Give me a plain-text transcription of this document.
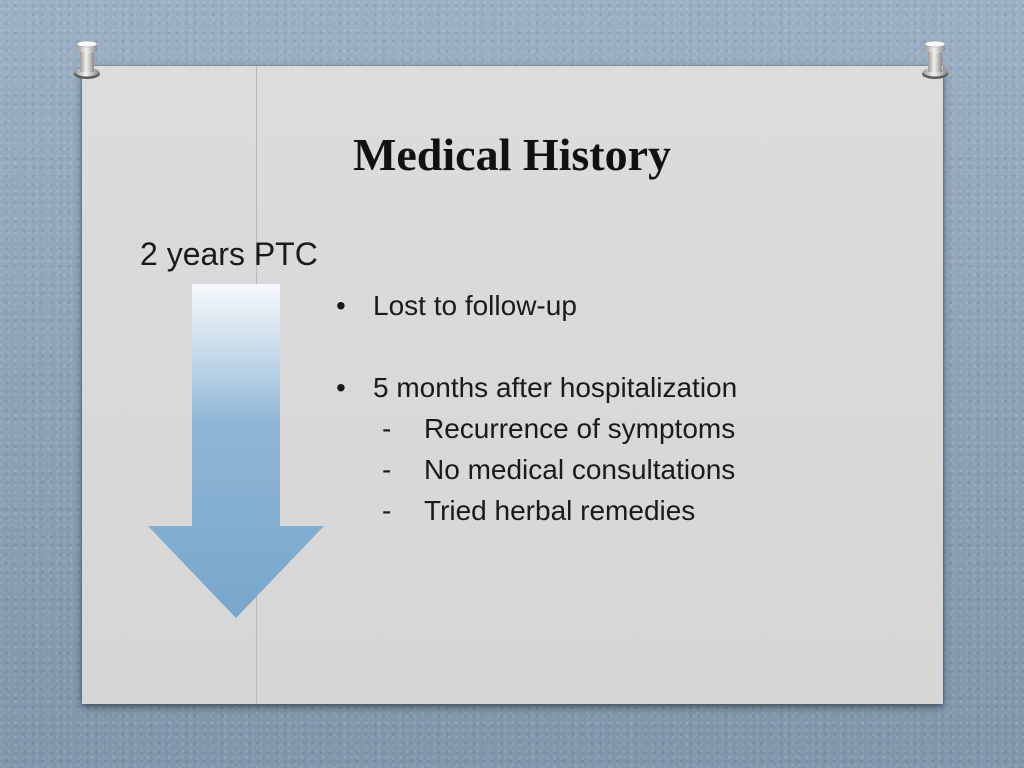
Medical History
2 years PTC
• Lost to follow-up
• 5 months after hospitalization
- Recurrence of symptoms
- No medical consultations
- Tried herbal remedies
